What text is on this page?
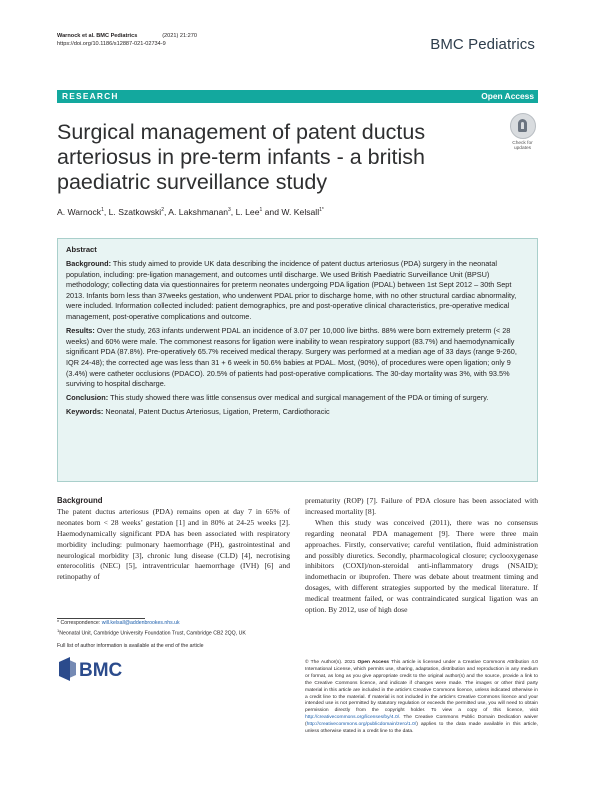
Warnock et al. BMC Pediatrics	(2021) 21:270
https://doi.org/10.1186/s12887-021-02734-9	BMC Pediatrics
RESEARCH	Open Access
Surgical management of patent ductus
arteriosus in pre-term infants - a british
paediatric surveillance study
Check for
updates
A. Warnock$^1$, L. Szatkowski$^2$, A. Lakshmanan$^3$, L. Lee$^1$ and W. Kelsall$^{1*}$

Abstract

Background: This study aimed to provide UK data describing the incidence of patent ductus arteriosus (PDA) surgery in the neonatal population, including: pre-ligation management, and outcomes until discharge. We used British Paediatric Surveillance Unit (BPSU) methodology; collecting data via questionnaires for preterm neonates undergoing PDA ligation (PDAL) between 1st Sept 2012 – 30th Sept 2013. Infants born less than 37weeks gestation, who underwent PDAL prior to discharge home, with no other structural cardiac abnormality, were included. Information collected included: patient demographics, pre and post-operative clinical characteristics, pre-operative medical management, post-operative complications and outcome.

Results: Over the study, 263 infants underwent PDAL an incidence of 3.07 per 10,000 live births. 88% were born extremely preterm (< 28 weeks) and 60% were male. The commonest reasons for ligation were inability to wean respiratory support (83.7%) and haemodynamically significant PDA (87.8%). Pre-operatively 65.7% received medical therapy. Surgery was performed at a median age of 33 days (range 9-260, IQR 24-48); the corrected age was less than 31 + 6 week in 50.6% babies at PDAL. Most, (90%), of procedures were open ligation; only 9 (3.4%) were catheter occlusions (PDACO). 20.5% of patients had post-operative complications. The 30-day mortality was 3%, with 93.5% surviving to hospital discharge.

Conclusion: This study showed there was little consensus over medical and surgical management of the PDA or timing of surgery.

Keywords: Neonatal, Patent Ductus Arteriosus, Ligation, Preterm, Cardiothoracic

Background

The patent ductus arteriosus (PDA) remains open at day 7 in 65% of neonates born < 28 weeks’ gestation [1] and in 80% at 24-25 weeks [2]. Haemodynamically significant PDA has been associated with respiratory morbidity including: pulmonary haemorrhage (PH), gastrointestinal and neurological morbidity [3], chronic lung disease (CLD) [4], necrotising enterocolitis (NEC) [5], intraventricular haemorrhage (IVH) [6] and retinopathy of

prematurity (ROP) [7]. Failure of PDA closure has been associated with increased mortality [8].

When this study was conceived (2011), there was no consensus regarding neonatal PDA management [9]. There were three main approaches. Firstly, conservative; careful ventilation, fluid administration and possibly diuretics. Secondly, pharmacological closure; cyclooxygenase inhibitors (COXI)/non-steroidal anti-inflammatory drugs (NSAID); indomethacin or ibuprofen. There was debate about treatment timing and dosages, with different strategies supported by the medical literature. If medical treatment failed, or was contraindicated surgical ligation was an option. By 2012, use of high dose

* Correspondence: will.kelsall@addenbrookes.nhs.uk
$^1$Neonatal Unit, Cambridge University Foundation Trust, Cambridge CB2 2QQ, UK
Full list of author information is available at the end of the article
BMC	© The Author(s). 2021 Open Access This article is licensed under a Creative Commons Attribution 4.0 International License, which permits use, sharing, adaptation, distribution and reproduction in any medium or format, as long as you give appropriate credit to the original author(s) and the source, provide a link to the Creative Commons licence, and indicate if changes were made. The images or other third party material in this article are included in the article's Creative Commons licence, unless indicated otherwise in a credit line to the material. If material is not included in the article's Creative Commons licence and your intended use is not permitted by statutory regulation or exceeds the permitted use, you will need to obtain permission directly from the copyright holder. To view a copy of this licence, visit http://creativecommons.org/licenses/by/4.0/. The Creative Commons Public Domain Dedication waiver (http://creativecommons.org/publicdomain/zero/1.0/) applies to the data made available in this article, unless otherwise stated in a credit line to the data.
